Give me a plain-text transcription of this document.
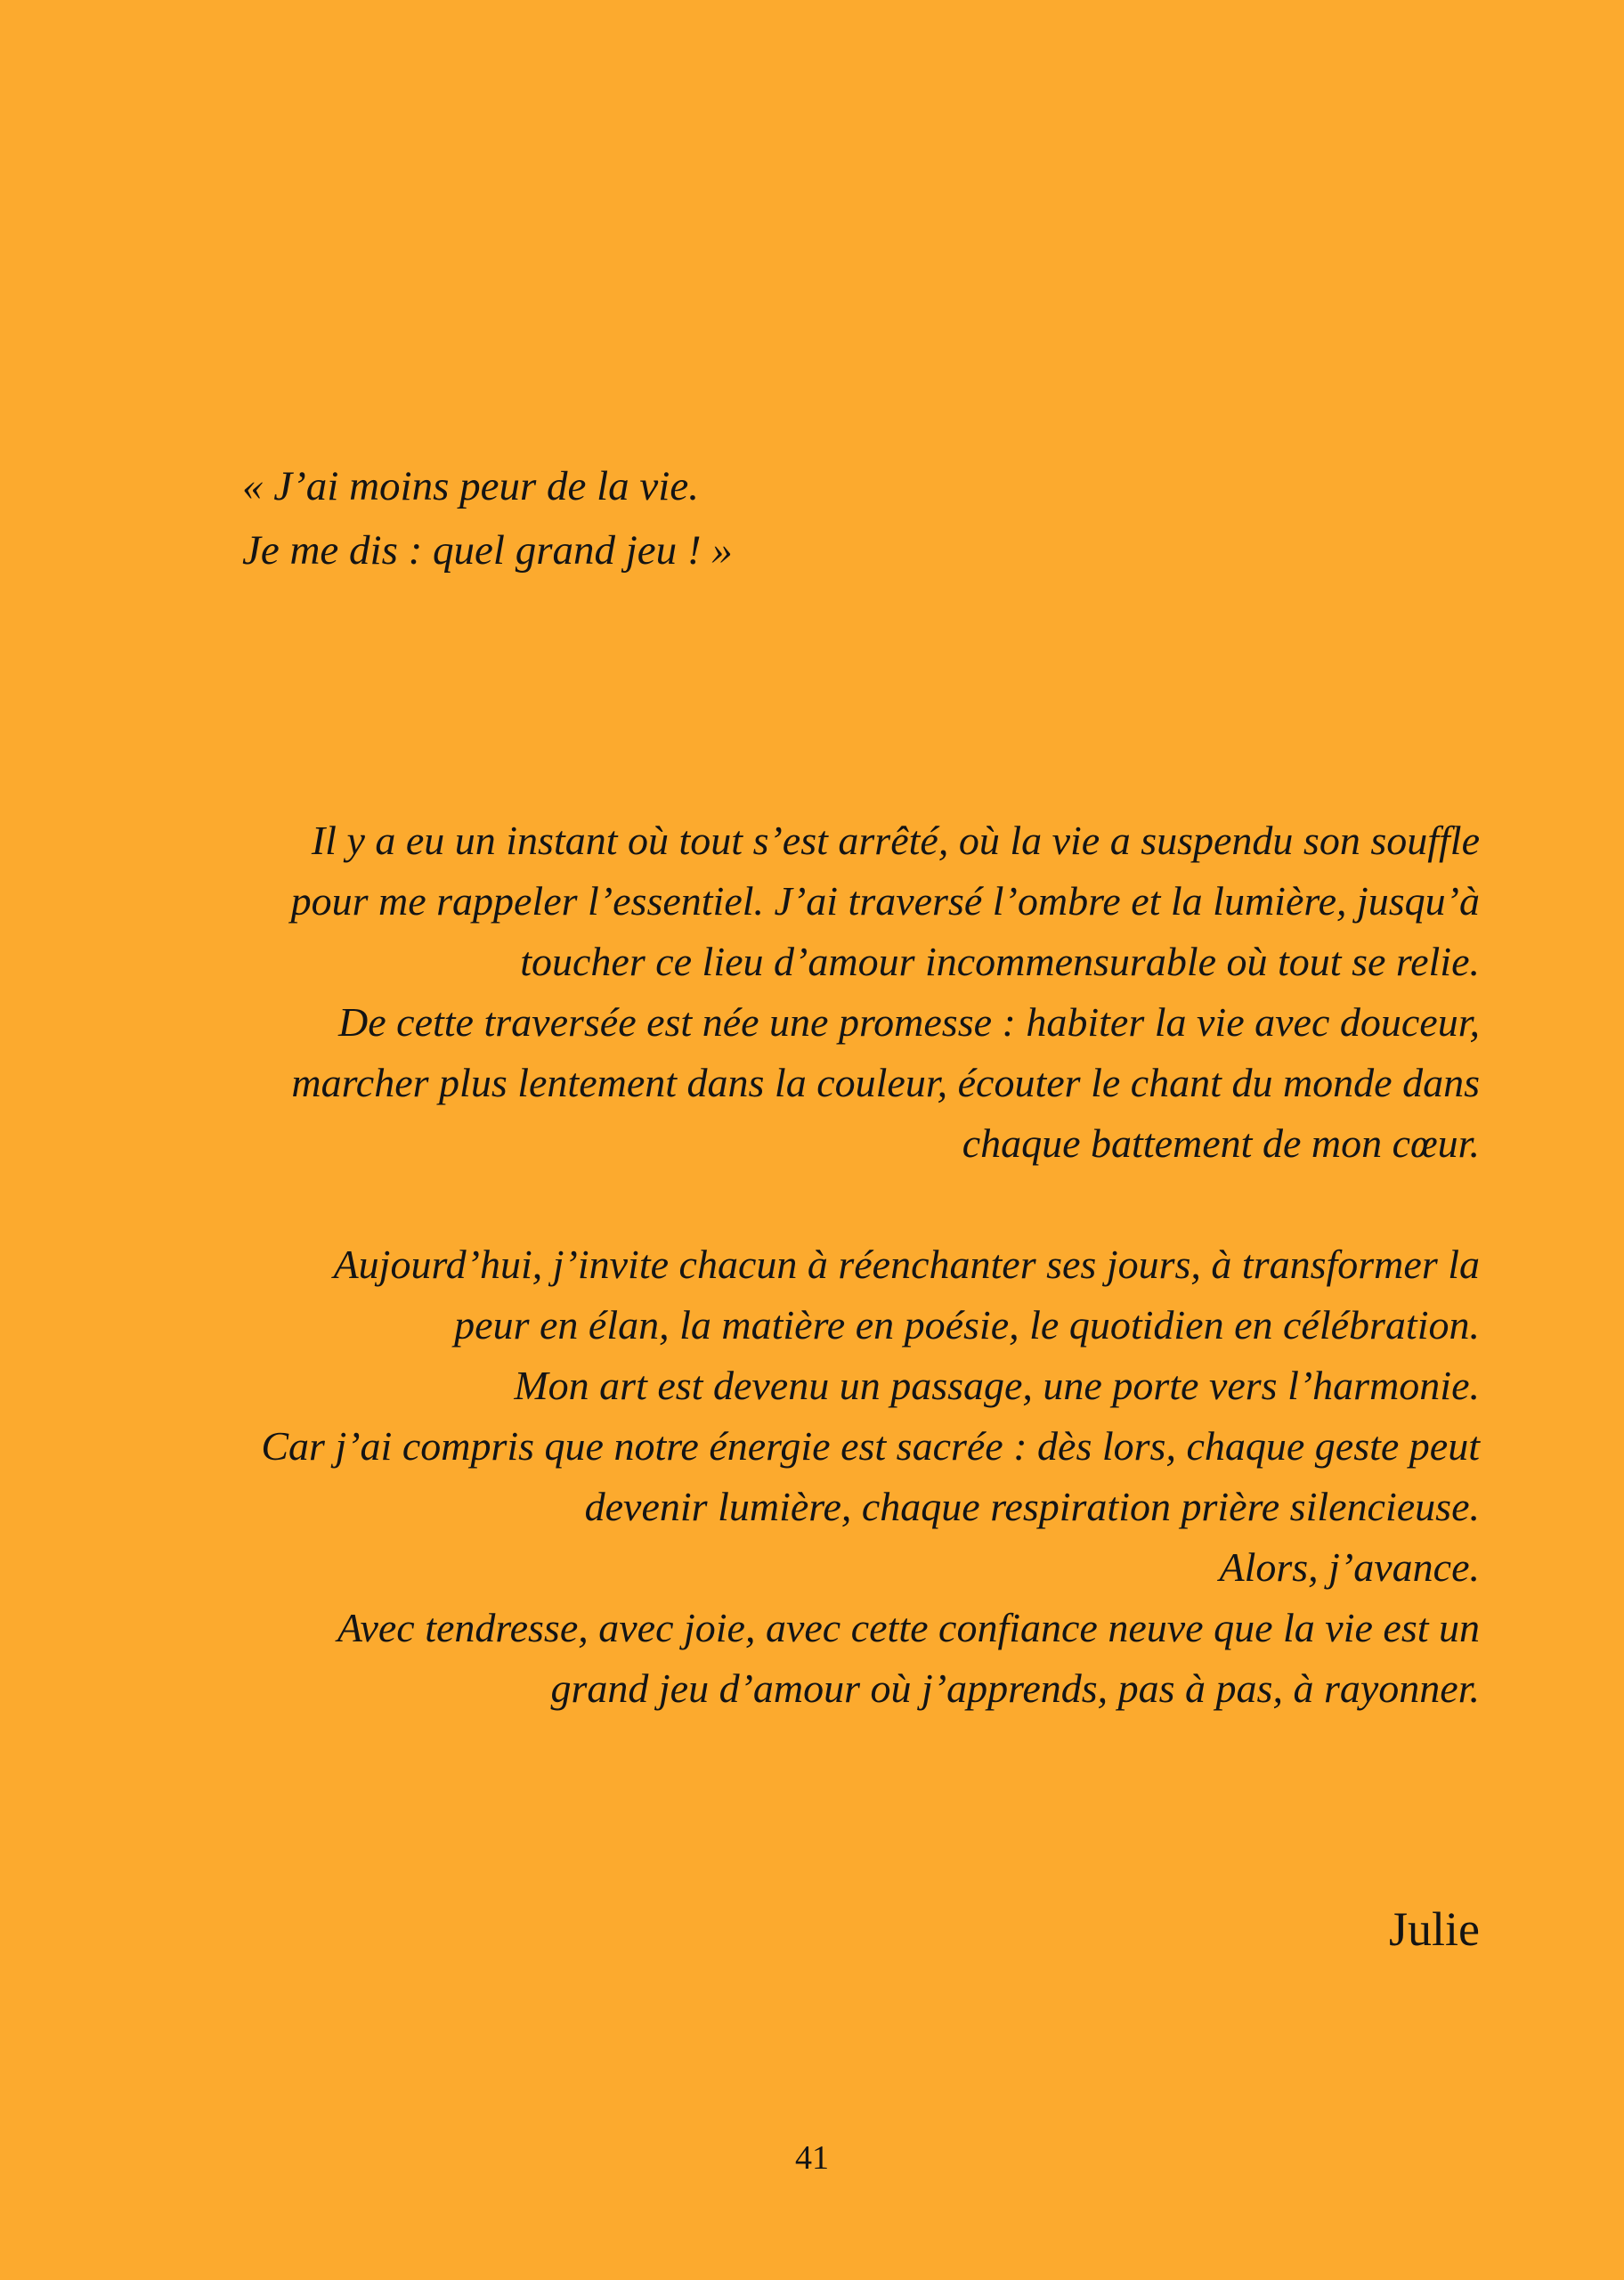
« J’ai moins peur de la vie.
Je me dis : quel grand jeu ! »

Il y a eu un instant où tout s’est arrêté, où la vie a suspendu son souffle
pour me rappeler l’essentiel. J’ai traversé l’ombre et la lumière, jusqu’à
toucher ce lieu d’amour incommensurable où tout se relie.
De cette traversée est née une promesse : habiter la vie avec douceur,
marcher plus lentement dans la couleur, écouter le chant du monde dans
chaque battement de mon cœur.
Aujourd’hui, j’invite chacun à réenchanter ses jours, à transformer la
peur en élan, la matière en poésie, le quotidien en célébration.
Mon art est devenu un passage, une porte vers l’harmonie.
Car j’ai compris que notre énergie est sacrée : dès lors, chaque geste peut
devenir lumière, chaque respiration prière silencieuse.
Alors, j’avance.
Avec tendresse, avec joie, avec cette confiance neuve que la vie est un
grand jeu d’amour où j’apprends, pas à pas, à rayonner.

Julie

41
